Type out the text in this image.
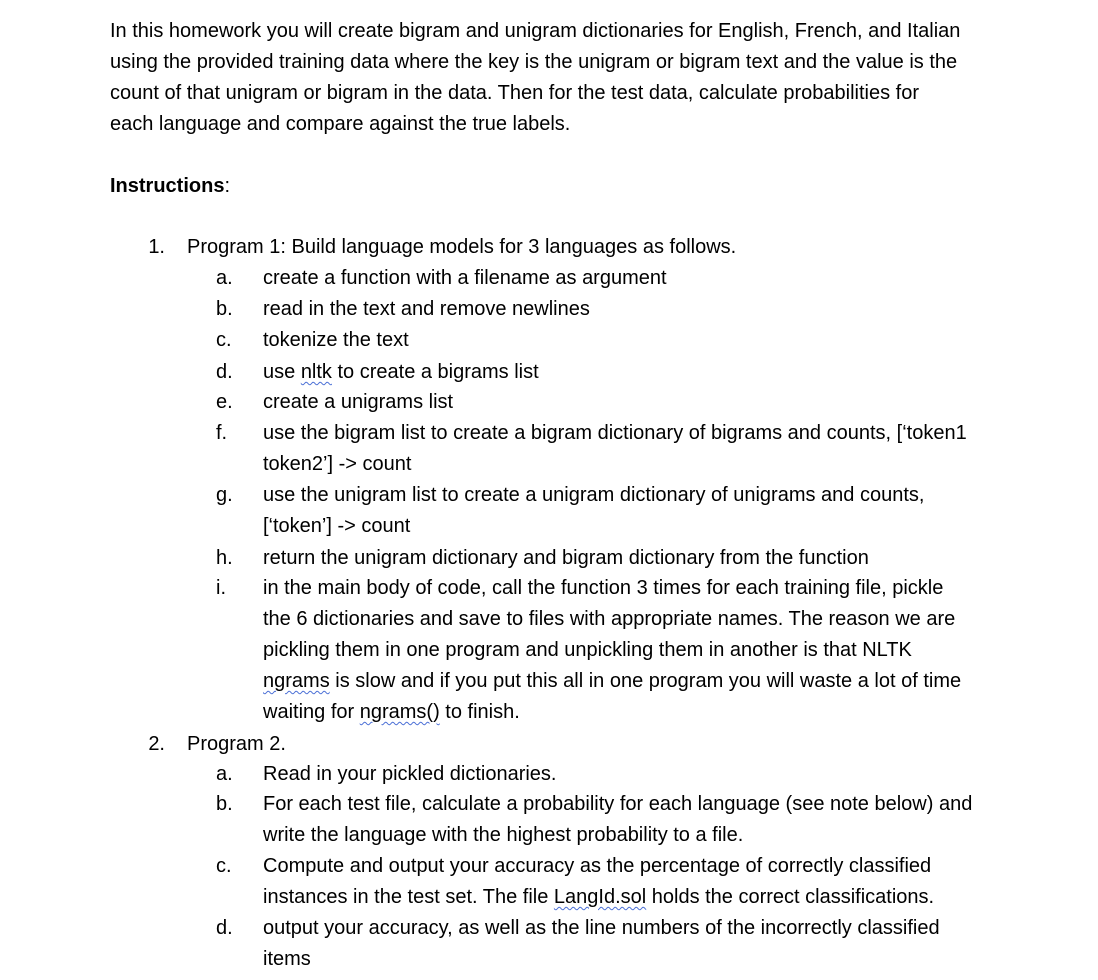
In this homework you will create bigram and unigram dictionaries for English, French, and Italian
using the provided training data where the key is the unigram or bigram text and the value is the
count of that unigram or bigram in the data. Then for the test data, calculate probabilities for
each language and compare against the true labels.

Instructions:

1. Program 1: Build language models for 3 languages as follows.
a.	create a function with a filename as argument
b.	read in the text and remove newlines
c.	tokenize the text
d.	use nltk to create a bigrams list
e.	create a unigrams list
f.	use the bigram list to create a bigram dictionary of bigrams and counts, [‘token1
token2’] -> count
g.	use the unigram list to create a unigram dictionary of unigrams and counts,
[‘token’] -> count
h.	return the unigram dictionary and bigram dictionary from the function
i.	in the main body of code, call the function 3 times for each training file, pickle
the 6 dictionaries and save to files with appropriate names. The reason we are
pickling them in one program and unpickling them in another is that NLTK
ngrams is slow and if you put this all in one program you will waste a lot of time
waiting for ngrams() to finish.
2. Program 2.
a.	Read in your pickled dictionaries.
b.	For each test file, calculate a probability for each language (see note below) and
write the language with the highest probability to a file.
c.	Compute and output your accuracy as the percentage of correctly classified
instances in the test set. The file LangId.sol holds the correct classifications.
d.	output your accuracy, as well as the line numbers of the incorrectly classified
items
